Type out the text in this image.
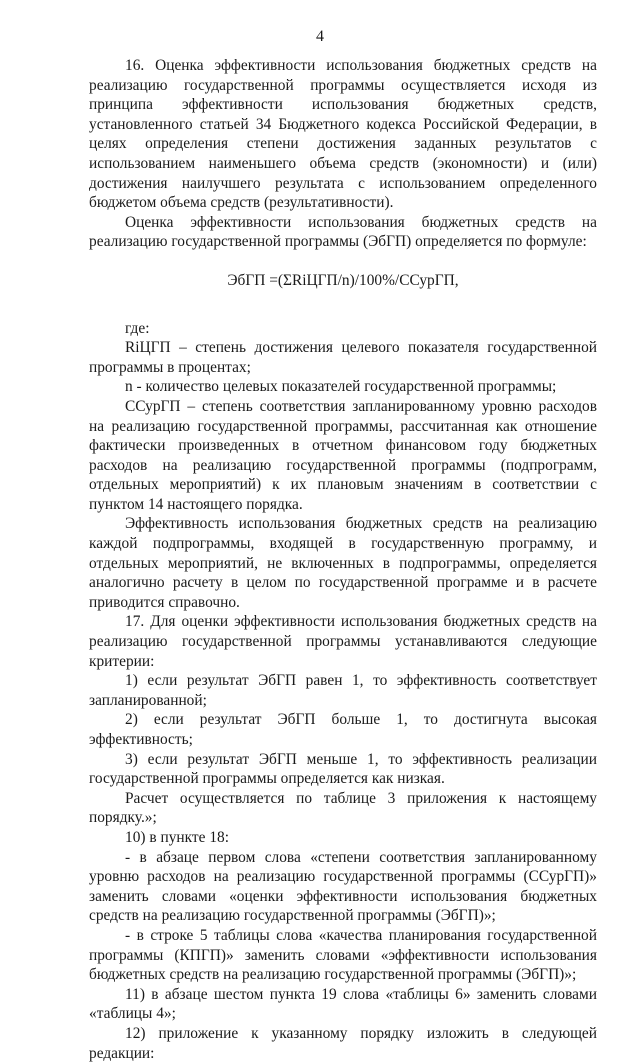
4

16. Оценка эффективности использования бюджетных средств на реализацию государственной программы осуществляется исходя из принципа эффективности использования бюджетных средств, установленного статьей 34 Бюджетного кодекса Российской Федерации, в целях определения степени достижения заданных результатов с использованием наименьшего объема средств (экономности) и (или) достижения наилучшего результата с использованием определенного бюджетом объема средств (результативности).

Оценка эффективности использования бюджетных средств на реализацию государственной программы (ЭбГП) определяется по формуле:

ЭбГП =(ΣRiЦГП/n)/100%/ССурГП,

где:

RiЦГП – степень достижения целевого показателя государственной программы в процентах;

n - количество целевых показателей государственной программы;

ССурГП – степень соответствия запланированному уровню расходов на реализацию государственной программы, рассчитанная как отношение фактически произведенных в отчетном финансовом году бюджетных расходов на реализацию государственной программы (подпрограмм, отдельных мероприятий) к их плановым значениям в соответствии с пунктом 14 настоящего порядка.

Эффективность использования бюджетных средств на реализацию каждой подпрограммы, входящей в государственную программу, и отдельных мероприятий, не включенных в подпрограммы, определяется аналогично расчету в целом по государственной программе и в расчете приводится справочно.

17. Для оценки эффективности использования бюджетных средств на реализацию государственной программы устанавливаются следующие критерии:

1) если результат ЭбГП равен 1, то эффективность соответствует запланированной;

2) если результат ЭбГП больше 1, то достигнута высокая эффективность;

3) если результат ЭбГП меньше 1, то эффективность реализации государственной программы определяется как низкая.

Расчет осуществляется по таблице 3 приложения к настоящему порядку.»;

10) в пункте 18:

- в абзаце первом слова «степени соответствия запланированному уровню расходов на реализацию государственной программы (ССурГП)» заменить словами «оценки эффективности использования бюджетных средств на реализацию государственной программы (ЭбГП)»;

- в строке 5 таблицы слова «качества планирования государственной программы (КПГП)» заменить словами «эффективности использования бюджетных средств на реализацию государственной программы (ЭбГП)»;

11) в абзаце шестом пункта 19 слова «таблицы 6» заменить словами «таблицы 4»;

12) приложение к указанному порядку изложить в следующей редакции:
